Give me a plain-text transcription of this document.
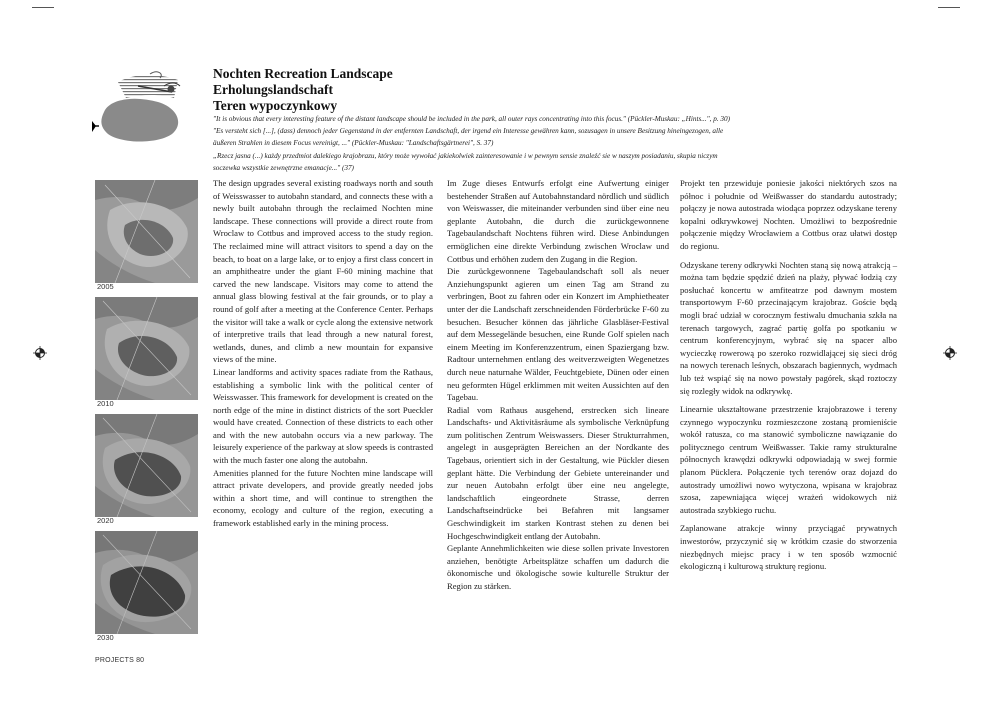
Nochten Recreation Landscape
Erholungslandschaft
Teren wypoczynkowy
"It is obvious that every interesting feature of the distant landscape should be included in the park, all outer rays concentrating into this focus." (Pückler-Muskau: „Hints...", p. 30)
"Es versteht sich [...], (dass) dennoch jeder Gegenstand in der entfernten Landschaft, der irgend ein Interesse gewähren kann, sozusagen in unsere Besitzung hineingezogen, alle
äußeren Strahlen in diesem Focus vereinigt, ..." (Pückler-Muskau: "Landschaftsgärtnerei", S. 37)
„Rzecz jasna (...) każdy przedmiot dalekiego krajobrazu, który może wywołać jakiekolwiek zainteresowanie i w pewnym sensie znaleźć sie w naszym posiadaniu, skupia niczym
soczewka wszystkie zewnętrzne emanacje..." (37)
2005
2010
2020
2030
PROJECTS 80

The design upgrades several existing roadways north and south of Weisswasser to autobahn standard, and connects these with a newly built autobahn through the reclaimed Nochten mine landscape. These connections will provide a direct route from Wroclaw to Cottbus and improved access to the study region. The reclaimed mine will attract visitors to spend a day on the beach, to boat on a large lake, or to enjoy a first class concert in an amphitheatre under the giant F-60 mining machine that carved the new landscape. Visitors may come to attend the annual glass blowing festival at the fair grounds, or to play a round of golf after a meeting at the Conference Center. Perhaps the visitor will take a walk or cycle along the extensive network of interpretive trails that lead through a new natural forest, wetlands, dunes, and climb a new mountain for expansive views of the mine.

Linear landforms and activity spaces radiate from the Rathaus, establishing a symbolic link with the political center of Weisswasser. This framework for development is created on the north edge of the mine in distinct districts of the sort Pueckler would have created. Connection of these districts to each other and with the new autobahn occurs via a new parkway. The leisurely experience of the parkway at slow speeds is contrasted with the much faster one along the autobahn.

Amenities planned for the future Nochten mine landscape will attract private developers, and provide greatly needed jobs within a short time, and will continue to strengthen the economy, ecology and culture of the region, executing a framework established early in the mining process.

Im Zuge dieses Entwurfs erfolgt eine Aufwertung einiger bestehender Straßen auf Autobahnstandard nördlich und südlich von Weiswasser, die miteinander verbunden sind über eine neu geplante Autobahn, die durch die zurückgewonnene Tagebaulandschaft Nochtens führen wird. Diese Anbindungen ermöglichen eine direkte Verbindung zwischen Wroclaw und Cottbus und erhöhen zudem den Zugang in die Region.

Die zurückgewonnene Tagebaulandschaft soll als neuer Anziehungspunkt agieren um einen Tag am Strand zu verbringen, Boot zu fahren oder ein Konzert im Amphietheater unter der die Landschaft zerschneidenden Förderbrücke F-60 zu besuchen. Besucher können das jährliche Glasbläser-Festival auf dem Messegelände besuchen, eine Runde Golf spielen nach einem Meeting im Konferenzzentrum, einen Spaziergang bzw. Radtour unternehmen entlang des weitverzweigten Wegenetzes durch neue naturnahe Wälder, Feuchtgebiete, Dünen oder einen neu geformten Hügel erklimmen mit weiten Aussichten auf den Tagebau.

Radial vom Rathaus ausgehend, erstrecken sich lineare Landschafts- und Aktivitäsräume als symbolische Verknüpfung zum politischen Zentrum Weiswassers. Dieser Strukturrahmen, angelegt in ausgeprägten Bereichen an der Nordkante des Tagebaus, orientiert sich in der Gestaltung, wie Pückler diesen geplant hätte. Die Verbindung der Gebiete untereinander und zur neuen Autobahn erfolgt über eine neu angelegte, landschaftlich eingeordnete Strasse, derren Landschaftseindrücke bei Befahren mit langsamer Geschwindigkeit im starken Kontrast stehen zu denen bei Hochgeschwindigkeit entlang der Autobahn.

Geplante Annehmlichkeiten wie diese sollen private Investoren anziehen, benötigte Arbeitsplätze schaffen um dadurch die ökonomische und ökologische sowie kulturelle Struktur der Region zu stärken.

Projekt ten przewiduje poniesie jakości niektórych szos na północ i południe od Weißwasser do standardu autostrady; połączy je nowa autostrada wiodąca poprzez odzyskane tereny kopalni odkrywkowej Nochten. Umożliwi to bezpośrednie połączenie między Wrocławiem a Cottbus oraz ułatwi dostęp do regionu.

Odzyskane tereny odkrywki Nochten staną się nową atrakcją – można tam będzie spędzić dzień na plaży, pływać łodzią czy posłuchać koncertu w amfiteatrze pod dawnym mostem transportowym F-60 przecinającym krajobraz. Goście będą mogli brać udział w corocznym festiwalu dmuchania szkła na terenach targowych, zagrać partię golfa po spotkaniu w centrum konferencyjnym, wybrać się na spacer albo wycieczkę rowerową po szeroko rozwidlającej się sieci dróg na nowych terenach leśnych, obszarach bagiennych, wydmach lub też wspiąć się na nowo powstały pagórek, skąd roztoczy się rozległy widok na odkrywkę.

Linearnie ukształtowane przestrzenie krajobrazowe i tereny czynnego wypoczynku rozmieszczone zostaną promieniście wokół ratusza, co ma stanowić symboliczne nawiązanie do politycznego centrum Weißwasser. Takie ramy strukturalne północnych krawędzi odkrywki odpowiadają w swej formie planom Pücklera. Połączenie tych terenów oraz dojazd do autostrady umożliwi nowo wytyczona, wpisana w krajobraz szosa, zapewniająca więcej wrażeń widokowych niż autostrada szybkiego ruchu.

Zaplanowane atrakcje winny przyciągać prywatnych inwestorów, przyczynić się w krótkim czasie do stworzenia niezbędnych miejsc pracy i w ten sposób wzmocnić ekologiczną i kulturową strukturę regionu.
